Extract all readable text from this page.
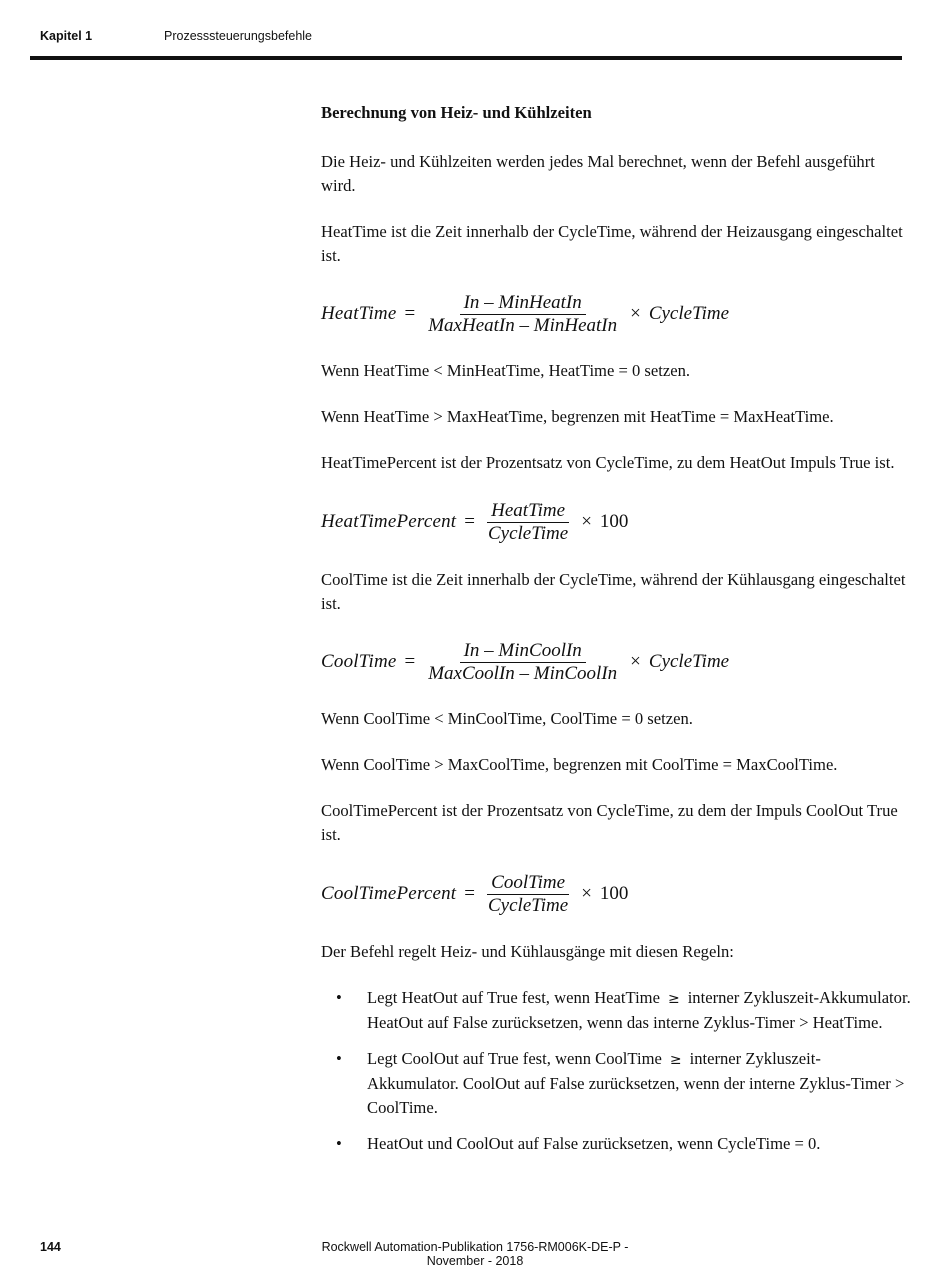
Kapitel 1	Prozesssteuerungsbefehle
Berechnung von Heiz- und Kühlzeiten

Die Heiz- und Kühlzeiten werden jedes Mal berechnet, wenn der Befehl ausgeführt wird.

HeatTime ist die Zeit innerhalb der CycleTime, während der Heizausgang eingeschaltet ist.

HeatTime = $\frac{\text{In – MinHeatIn}}{\text{MaxHeatIn – MinHeatIn}}$ × CycleTime

Wenn HeatTime < MinHeatTime, HeatTime = 0 setzen.

Wenn HeatTime > MaxHeatTime, begrenzen mit HeatTime = MaxHeatTime.

HeatTimePercent ist der Prozentsatz von CycleTime, zu dem HeatOut Impuls True ist.

HeatTimePercent = $\frac{\text{HeatTime}}{\text{CycleTime}} \times 100$

CoolTime ist die Zeit innerhalb der CycleTime, während der Kühlausgang eingeschaltet ist.

CoolTime = $\frac{\text{In – MinCoolIn}}{\text{MaxCoolIn – MinCoolIn}}$ × CycleTime

Wenn CoolTime < MinCoolTime, CoolTime = 0 setzen.

Wenn CoolTime > MaxCoolTime, begrenzen mit CoolTime = MaxCoolTime.

CoolTimePercent ist der Prozentsatz von CycleTime, zu dem der Impuls CoolOut True ist.

CoolTimePercent = $\frac{\text{CoolTime}}{\text{CycleTime}} \times 100$

Der Befehl regelt Heiz- und Kühlausgänge mit diesen Regeln:

• Legt HeatOut auf True fest, wenn HeatTime ≥ interner Zykluszeit-Akkumulator. HeatOut auf False zurücksetzen, wenn das interne Zyklus-Timer > HeatTime.
• Legt CoolOut auf True fest, wenn CoolTime ≥ interner Zykluszeit-Akkumulator. CoolOut auf False zurücksetzen, wenn der interne Zyklus-Timer > CoolTime.
• HeatOut und CoolOut auf False zurücksetzen, wenn CycleTime = 0.
144	Rockwell Automation-Publikation 1756-RM006K-DE-P - November - 2018
